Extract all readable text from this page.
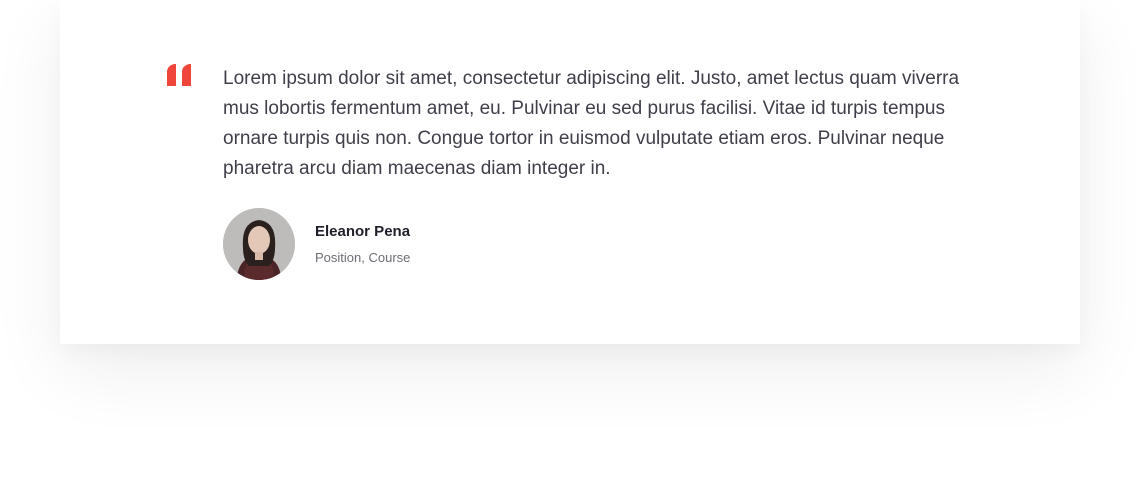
Lorem ipsum dolor sit amet, consectetur adipiscing elit. Justo, amet lectus quam viverra mus lobortis fermentum amet, eu. Pulvinar eu sed purus facilisi. Vitae id turpis tempus ornare turpis quis non. Congue tortor in euismod vulputate etiam eros. Pulvinar neque pharetra arcu diam maecenas diam integer in.

Eleanor Pena
Position, Course
